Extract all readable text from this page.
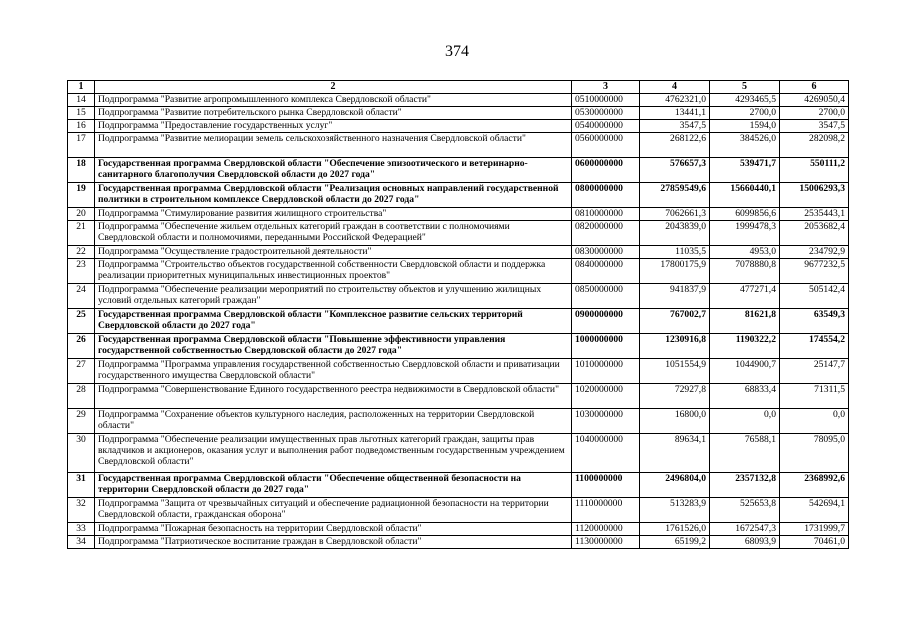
374
1	2	3	4	5	6
14	Подпрограмма "Развитие агропромышленного комплекса Свердловской области"	0510000000	4762321,0	4293465,5	4269050,4
15	Подпрограмма "Развитие потребительского рынка Свердловской области"	0530000000	13441,1	2700,0	2700,0
16	Подпрограмма "Предоставление государственных услуг"	0540000000	3547,5	1594,0	3547,5
17	Подпрограмма "Развитие мелиорации земель сельскохозяйственного назначения Свердловской области"	0560000000	268122,6	384526,0	282098,2
18	Государственная программа Свердловской области "Обеспечение эпизоотического и ветеринарно-санитарного благополучия Свердловской области до 2027 года"	0600000000	576657,3	539471,7	550111,2
19	Государственная программа Свердловской области "Реализация основных направлений государственной политики в строительном комплексе Свердловской области до 2027 года"	0800000000	27859549,6	15660440,1	15006293,3
20	Подпрограмма "Стимулирование развития жилищного строительства"	0810000000	7062661,3	6099856,6	2535443,1
21	Подпрограмма "Обеспечение жильем отдельных категорий граждан в соответствии с полномочиями Свердловской области и полномочиями, переданными Российской Федерацией"	0820000000	2043839,0	1999478,3	2053682,4
22	Подпрограмма "Осуществление градостроительной деятельности"	0830000000	11035,5	4953,0	234792,9
23	Подпрограмма "Строительство объектов государственной собственности Свердловской области и поддержка реализации приоритетных муниципальных инвестиционных проектов"	0840000000	17800175,9	7078880,8	9677232,5
24	Подпрограмма "Обеспечение реализации мероприятий по строительству объектов и улучшению жилищных условий отдельных категорий граждан"	0850000000	941837,9	477271,4	505142,4
25	Государственная программа Свердловской области "Комплексное развитие сельских территорий Свердловской области до 2027 года"	0900000000	767002,7	81621,8	63549,3
26	Государственная программа Свердловской области "Повышение эффективности управления государственной собственностью Свердловской области до 2027 года"	1000000000	1230916,8	1190322,2	174554,2
27	Подпрограмма "Программа управления государственной собственностью Свердловской области и приватизации государственного имущества Свердловской области"	1010000000	1051554,9	1044900,7	25147,7
28	Подпрограмма "Совершенствование Единого государственного реестра недвижимости в Свердловской области"	1020000000	72927,8	68833,4	71311,5
29	Подпрограмма "Сохранение объектов культурного наследия, расположенных на территории Свердловской области"	1030000000	16800,0	0,0	0,0
30	Подпрограмма "Обеспечение реализации имущественных прав льготных категорий граждан, защиты прав вкладчиков и акционеров, оказания услуг и выполнения работ подведомственным государственным учреждением Свердловской области"	1040000000	89634,1	76588,1	78095,0
31	Государственная программа Свердловской области "Обеспечение общественной безопасности на территории Свердловской области до 2027 года"	1100000000	2496804,0	2357132,8	2368992,6
32	Подпрограмма "Защита от чрезвычайных ситуаций и обеспечение радиационной безопасности на территории Свердловской области, гражданская оборона"	1110000000	513283,9	525653,8	542694,1
33	Подпрограмма "Пожарная безопасность на территории Свердловской области"	1120000000	1761526,0	1672547,3	1731999,7
34	Подпрограмма "Патриотическое воспитание граждан в Свердловской области"	1130000000	65199,2	68093,9	70461,0
